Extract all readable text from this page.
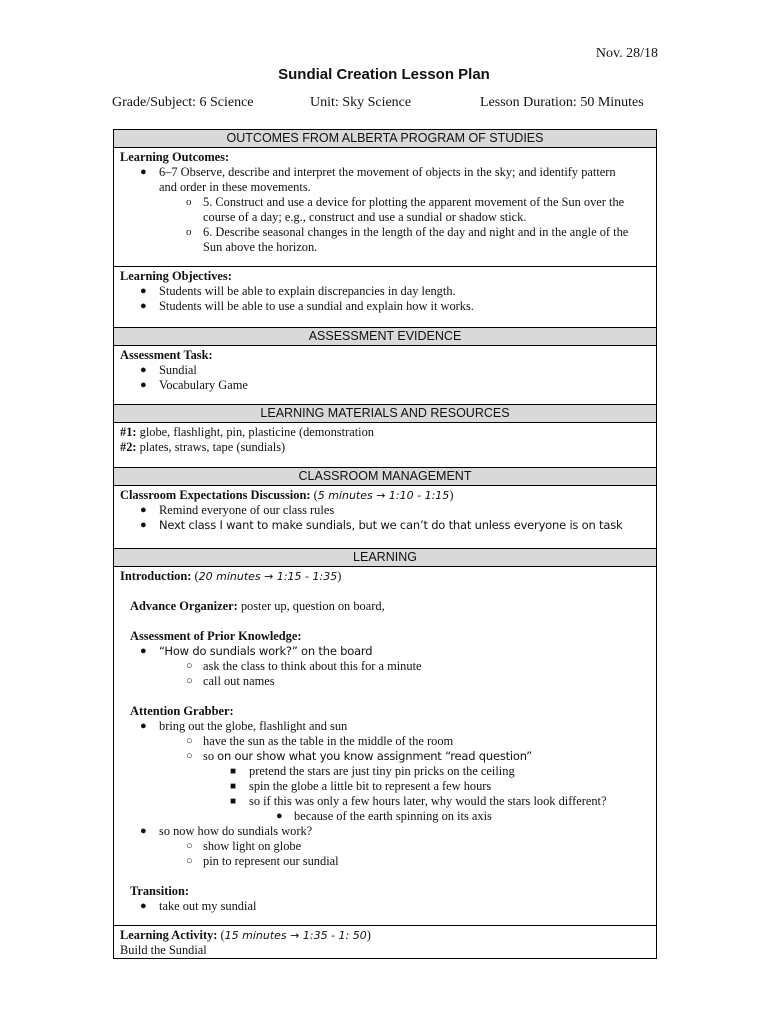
Nov. 28/18
Sundial Creation Lesson Plan
Grade/Subject: 6 Science	Unit: Sky Science	Lesson Duration: 50 Minutes
OUTCOMES FROM ALBERTA PROGRAM OF STUDIES
Learning Outcomes:
● 6–7 Observe, describe and interpret the movement of objects in the sky; and identify pattern
and order in these movements.
o 5. Construct and use a device for plotting the apparent movement of the Sun over the
course of a day; e.g., construct and use a sundial or shadow stick.
o 6. Describe seasonal changes in the length of the day and night and in the angle of the
Sun above the horizon.
Learning Objectives:
● Students will be able to explain discrepancies in day length.
● Students will be able to use a sundial and explain how it works.
ASSESSMENT EVIDENCE
Assessment Task:
● Sundial
● Vocabulary Game
LEARNING MATERIALS AND RESOURCES
#1: globe, flashlight, pin, plasticine (demonstration
#2: plates, straws, tape (sundials)
CLASSROOM MANAGEMENT
Classroom Expectations Discussion: (5 minutes → 1:10 - 1:15)
● Remind everyone of our class rules
● Next class I want to make sundials, but we can’t do that unless everyone is on task
LEARNING
Introduction: (20 minutes → 1:15 - 1:35)
Advance Organizer: poster up, question on board,
Assessment of Prior Knowledge:
● “How do sundials work?” on the board
○ ask the class to think about this for a minute
○ call out names
Attention Grabber:
● bring out the globe, flashlight and sun
○ have the sun as the table in the middle of the room
○ so on our show what you know assignment “read question”
■ pretend the stars are just tiny pin pricks on the ceiling
■ spin the globe a little bit to represent a few hours
■ so if this was only a few hours later, why would the stars look different?
● because of the earth spinning on its axis
● so now how do sundials work?
○ show light on globe
○ pin to represent our sundial
Transition:
● take out my sundial
Learning Activity: (15 minutes → 1:35 - 1: 50)
Build the Sundial
